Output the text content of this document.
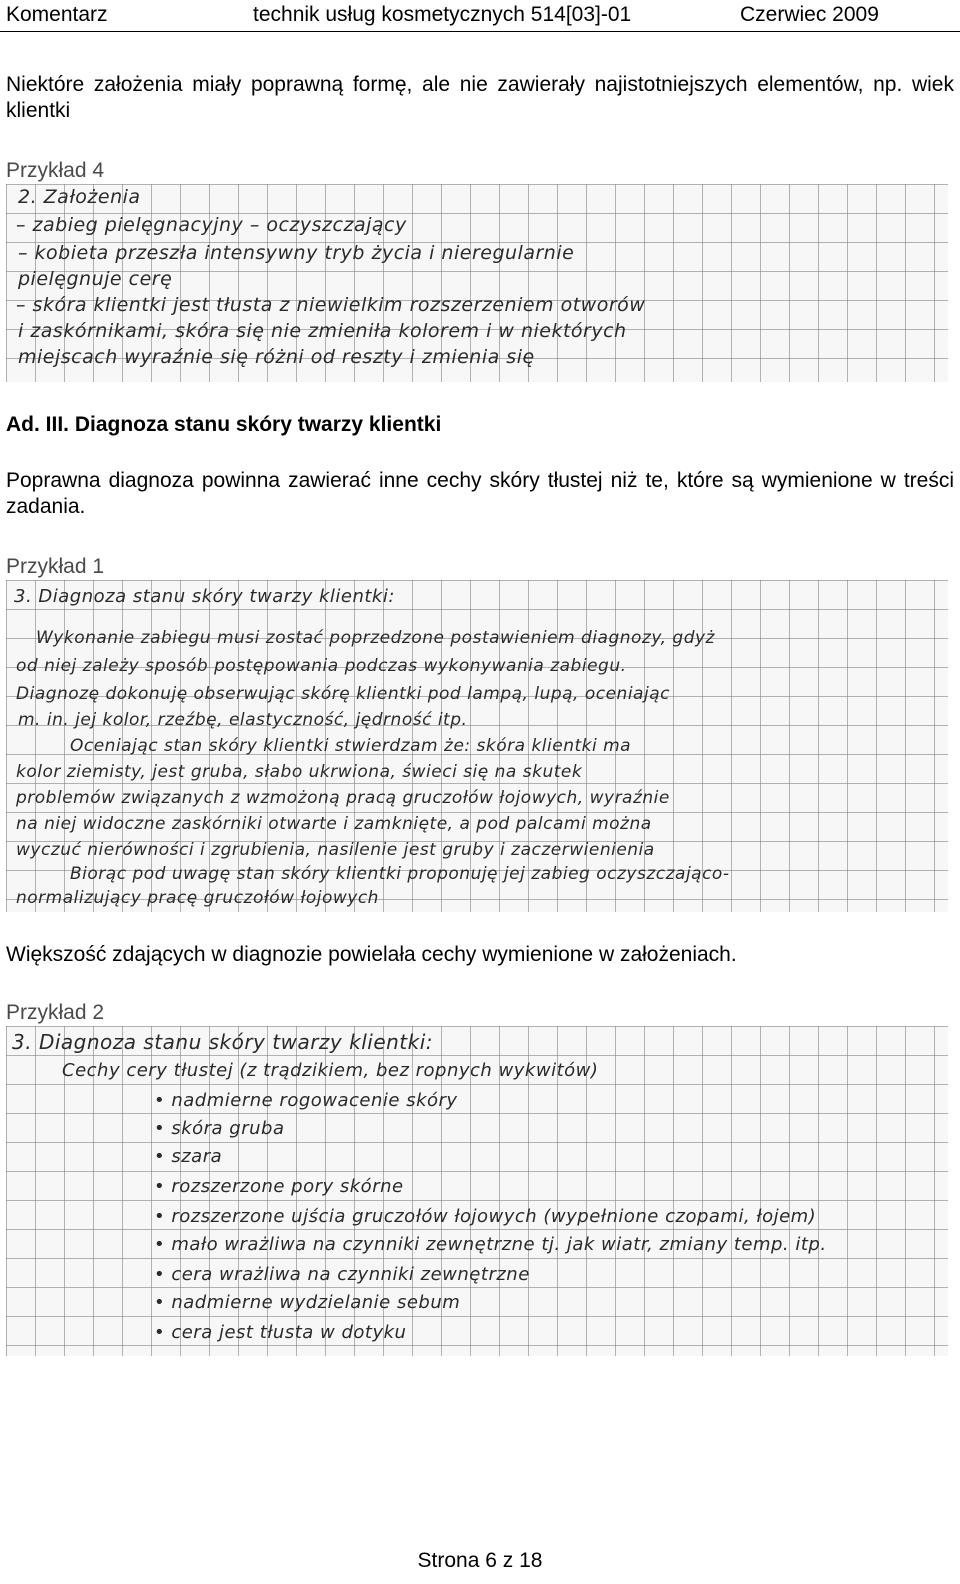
Komentarz	technik usług kosmetycznych 514[03]-01	Czerwiec 2009
Niektóre założenia miały poprawną formę, ale nie zawierały najistotniejszych elementów, np. wiek klientki
Przykład 4
2. Założenia
– zabieg pielęgnacyjny – oczyszczający
– kobieta przeszła intensywny tryb życia i nieregularnie
pielęgnuje cerę
– skóra klientki jest tłusta z niewielkim rozszerzeniem otworów
i zaskórnikami, skóra się nie zmieniła kolorem i w niektórych
miejscach wyraźnie się różni od reszty i zmienia się
Ad. III. Diagnoza stanu skóry twarzy klientki
Poprawna diagnoza powinna zawierać inne cechy skóry tłustej niż te, które są wymienione w treści zadania.
Przykład 1
3. Diagnoza stanu skóry twarzy klientki:
Wykonanie zabiegu musi zostać poprzedzone postawieniem diagnozy, gdyż
od niej zależy sposób postępowania podczas wykonywania zabiegu.
Diagnozę dokonuję obserwując skórę klientki pod lampą, lupą, oceniając
m. in. jej kolor, rzeźbę, elastyczność, jędrność itp.
Oceniając stan skóry klientki stwierdzam że: skóra klientki ma
kolor ziemisty, jest gruba, słabo ukrwiona, świeci się na skutek
problemów związanych z wzmożoną pracą gruczołów łojowych, wyraźnie
na niej widoczne zaskórniki otwarte i zamknięte, a pod palcami można
wyczuć nierówności i zgrubienia, nasilenie jest gruby i zaczerwienienia
Biorąc pod uwagę stan skóry klientki proponuję jej zabieg oczyszczająco-
normalizujący pracę gruczołów łojowych
Większość zdających w diagnozie powielała cechy wymienione w założeniach.
Przykład 2
3. Diagnoza stanu skóry twarzy klientki:
Cechy cery tłustej (z trądzikiem, bez ropnych wykwitów)
• nadmierne rogowacenie skóry
• skóra gruba
• szara
• rozszerzone pory skórne
• rozszerzone ujścia gruczołów łojowych (wypełnione czopami, łojem)
• mało wrażliwa na czynniki zewnętrzne tj. jak wiatr, zmiany temp. itp.
• cera wrażliwa na czynniki zewnętrzne
• nadmierne wydzielanie sebum
• cera jest tłusta w dotyku
Strona 6 z 18
